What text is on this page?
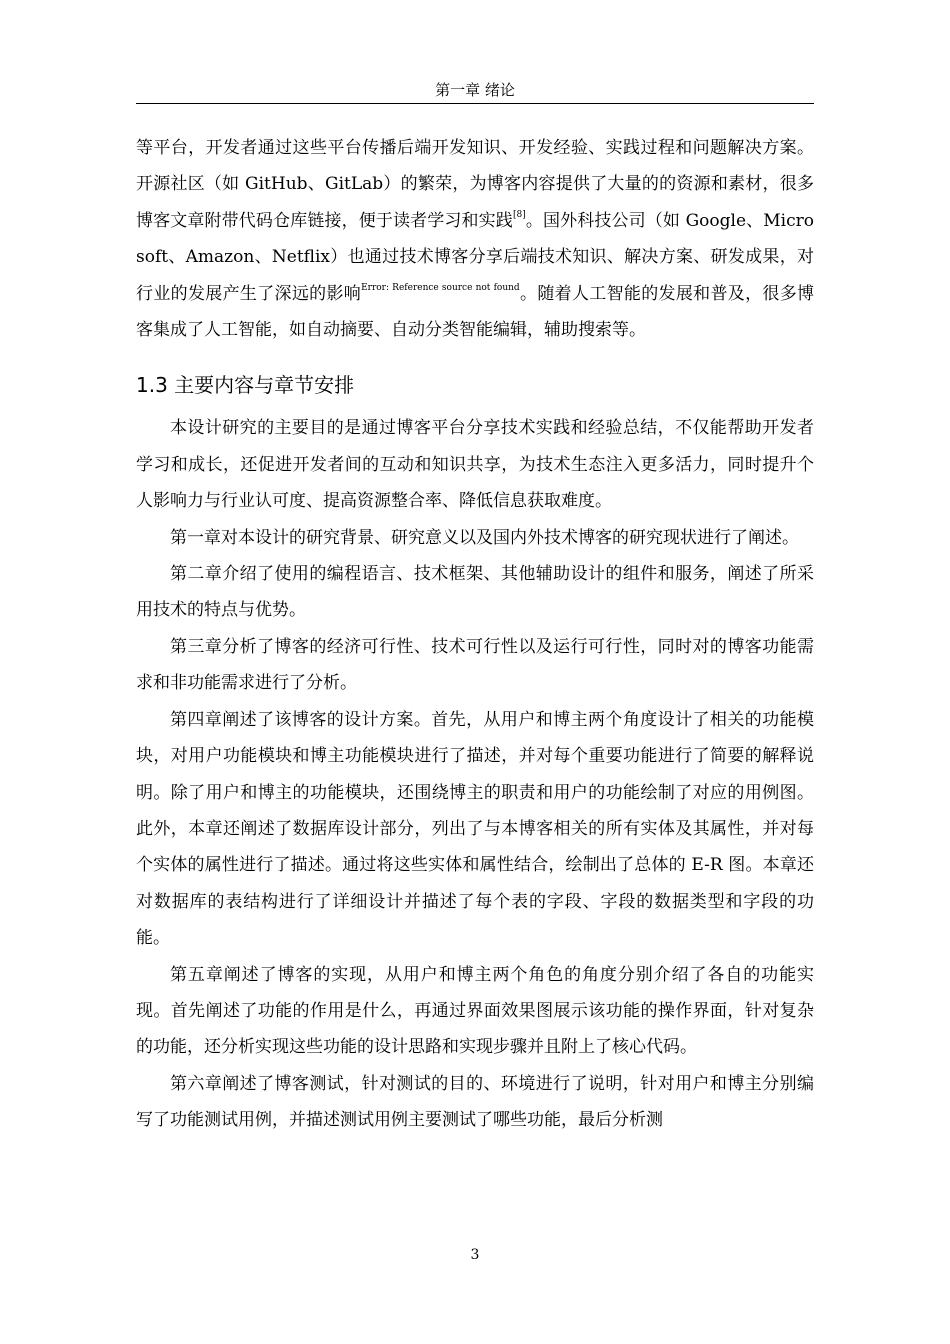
第一章 绪论

等平台，开发者通过这些平台传播后端开发知识、开发经验、实践过程和问题解决方案。开源社区（如 GitHub、GitLab）的繁荣，为博客内容提供了大量的的资源和素材，很多博客文章附带代码仓库链接，便于读者学习和实践[8]。国外科技公司（如 Google、Microsoft、Amazon、Netflix）也通过技术博客分享后端技术知识、解决方案、研发成果，对行业的发展产生了深远的影响$^{Error: Reference source not found}$。随着人工智能的发展和普及，很多博客集成了人工智能，如自动摘要、自动分类智能编辑，辅助搜索等。

1.3 主要内容与章节安排

本设计研究的主要目的是通过博客平台分享技术实践和经验总结，不仅能帮助开发者学习和成长，还促进开发者间的互动和知识共享，为技术生态注入更多活力，同时提升个人影响力与行业认可度、提高资源整合率、降低信息获取难度。

第一章对本设计的研究背景、研究意义以及国内外技术博客的研究现状进行了阐述。

第二章介绍了使用的编程语言、技术框架、其他辅助设计的组件和服务，阐述了所采用技术的特点与优势。

第三章分析了博客的经济可行性、技术可行性以及运行可行性，同时对的博客功能需求和非功能需求进行了分析。

第四章阐述了该博客的设计方案。首先，从用户和博主两个角度设计了相关的功能模块，对用户功能模块和博主功能模块进行了描述，并对每个重要功能进行了简要的解释说明。除了用户和博主的功能模块，还围绕博主的职责和用户的功能绘制了对应的用例图。此外，本章还阐述了数据库设计部分，列出了与本博客相关的所有实体及其属性，并对每个实体的属性进行了描述。通过将这些实体和属性结合，绘制出了总体的 E-R 图。本章还对数据库的表结构进行了详细设计并描述了每个表的字段、字段的数据类型和字段的功能。

第五章阐述了博客的实现，从用户和博主两个角色的角度分别介绍了各自的功能实现。首先阐述了功能的作用是什么，再通过界面效果图展示该功能的操作界面，针对复杂的功能，还分析实现这些功能的设计思路和实现步骤并且附上了核心代码。

第六章阐述了博客测试，针对测试的目的、环境进行了说明，针对用户和博主分别编写了功能测试用例，并描述测试用例主要测试了哪些功能，最后分析测

3
